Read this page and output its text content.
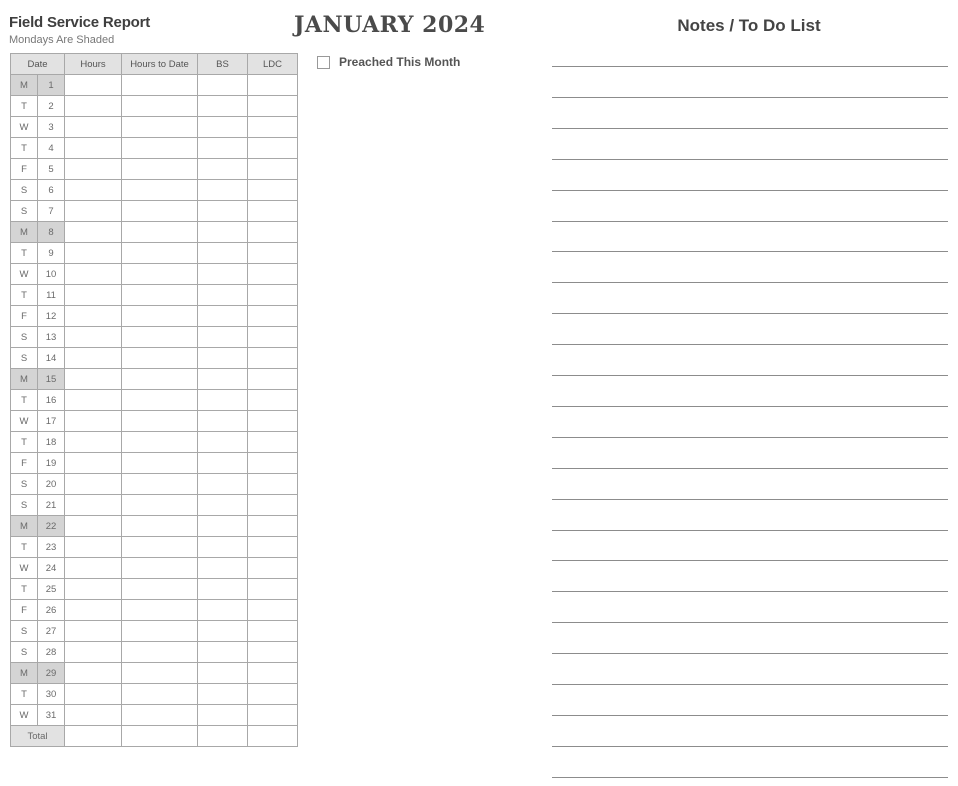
Field Service Report
Mondays Are Shaded
JANUARY 2024
Preached This Month
Notes / To Do List
Date		Hours	Hours to Date	BS	LDC
M	1				
T	2				
W	3				
T	4				
F	5				
S	6				
S	7				
M	8				
T	9				
W	10				
T	11				
F	12				
S	13				
S	14				
M	15				
T	16				
W	17				
T	18				
F	19				
S	20				
S	21				
M	22				
T	23				
W	24				
T	25				
F	26				
S	27				
S	28				
M	29				
T	30				
W	31				
Total					
